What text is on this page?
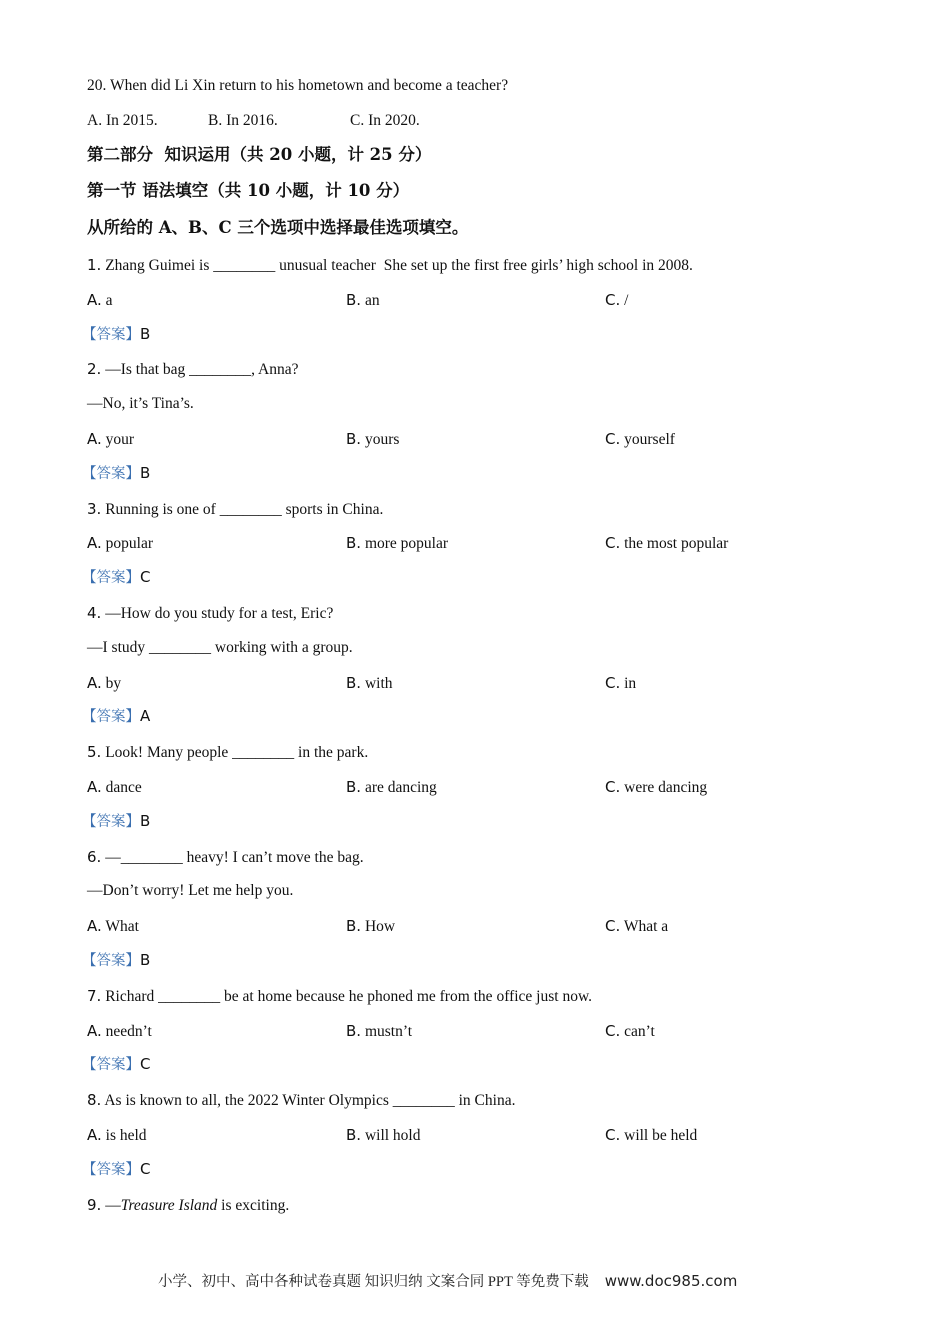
20. When did Li Xin return to his hometown and become a teacher?
A. In 2015.	B. In 2016.	C. In 2020.
第二部分  知识运用（共 20 小题，计 25 分）
第一节 语法填空（共 10 小题，计 10 分）
从所给的 A、B、C 三个选项中选择最佳选项填空。
1. Zhang Guimei is ________ unusual teacher  She set up the first free girls’ high school in 2008.
A. a	B. an	C. /
【答案】B
2. —Is that bag ________, Anna?
—No, it’s Tina’s.
A. your	B. yours	C. yourself
【答案】B
3. Running is one of ________ sports in China.
A. popular	B. more popular	C. the most popular
【答案】C
4. —How do you study for a test, Eric?
—I study ________ working with a group.
A. by	B. with	C. in
【答案】A
5. Look! Many people ________ in the park.
A. dance	B. are dancing	C. were dancing
【答案】B
6. —________ heavy! I can’t move the bag.
—Don’t worry! Let me help you.
A. What	B. How	C. What a
【答案】B
7. Richard ________ be at home because he phoned me from the office just now.
A. needn’t	B. mustn’t	C. can’t
【答案】C
8. As is known to all, the 2022 Winter Olympics ________ in China.
A. is held	B. will hold	C. will be held
【答案】C
9. —Treasure Island is exciting.
小学、初中、高中各种试卷真题 知识归纳 文案合同 PPT 等免费下载 www.doc985.com
